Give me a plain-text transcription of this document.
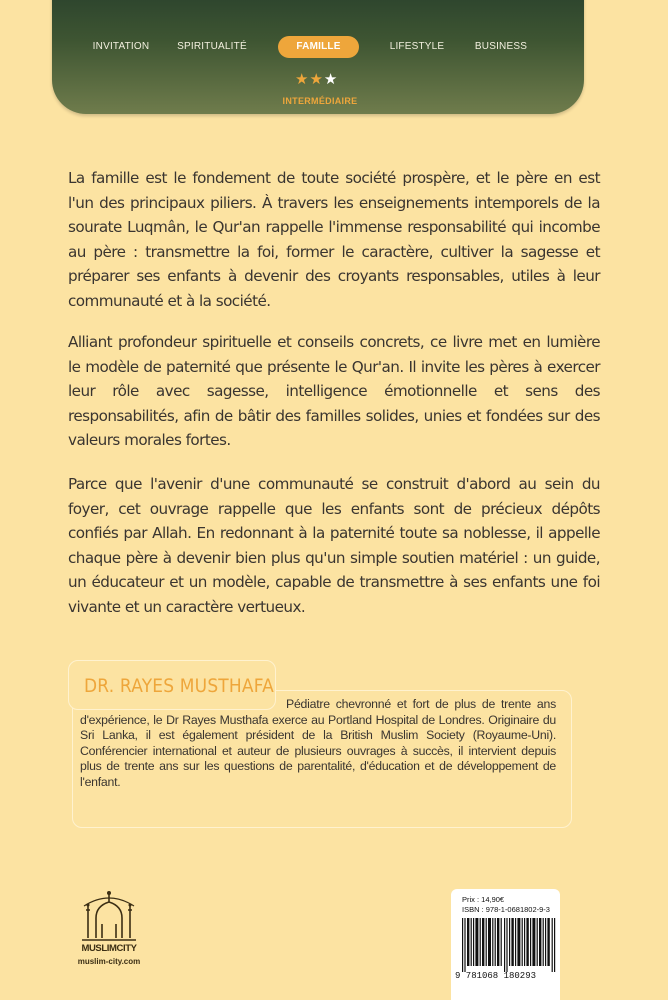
INVITATION	SPIRITUALITÉ	FAMILLE	LIFESTYLE	BUSINESS
★★★
INTERMÉDIAIRE

La famille est le fondement de toute société prospère, et le père en est l'un des principaux piliers. À travers les enseignements intemporels de la sourate Luqmân, le Qur'an rappelle l'immense responsabilité qui incombe au père : transmettre la foi, former le caractère, cultiver la sagesse et préparer ses enfants à devenir des croyants responsables, utiles à leur communauté et à la société.

Alliant profondeur spirituelle et conseils concrets, ce livre met en lumière le modèle de paternité que présente le Qur'an. Il invite les pères à exercer leur rôle avec sagesse, intelligence émotionnelle et sens des responsabilités, afin de bâtir des familles solides, unies et fondées sur des valeurs morales fortes.

Parce que l'avenir d'une communauté se construit d'abord au sein du foyer, cet ouvrage rappelle que les enfants sont de précieux dépôts confiés par Allah. En redonnant à la paternité toute sa noblesse, il appelle chaque père à devenir bien plus qu'un simple soutien matériel : un guide, un éducateur et un modèle, capable de transmettre à ses enfants une foi vivante et un caractère vertueux.

DR. RAYES MUSTHAFA

Pédiatre chevronné et fort de plus de trente ans d'expérience, le Dr Rayes Musthafa exerce au Portland Hospital de Londres. Originaire du Sri Lanka, il est également président de la British Muslim Society (Royaume-Uni). Conférencier international et auteur de plusieurs ouvrages à succès, il intervient depuis plus de trente ans sur les questions de parentalité, d'éducation et de développement de l'enfant.

MUSLIMCITY
muslim-city.com
Prix : 14,90€
ISBN : 978-1-0681802-9-3
9 781068 180293
